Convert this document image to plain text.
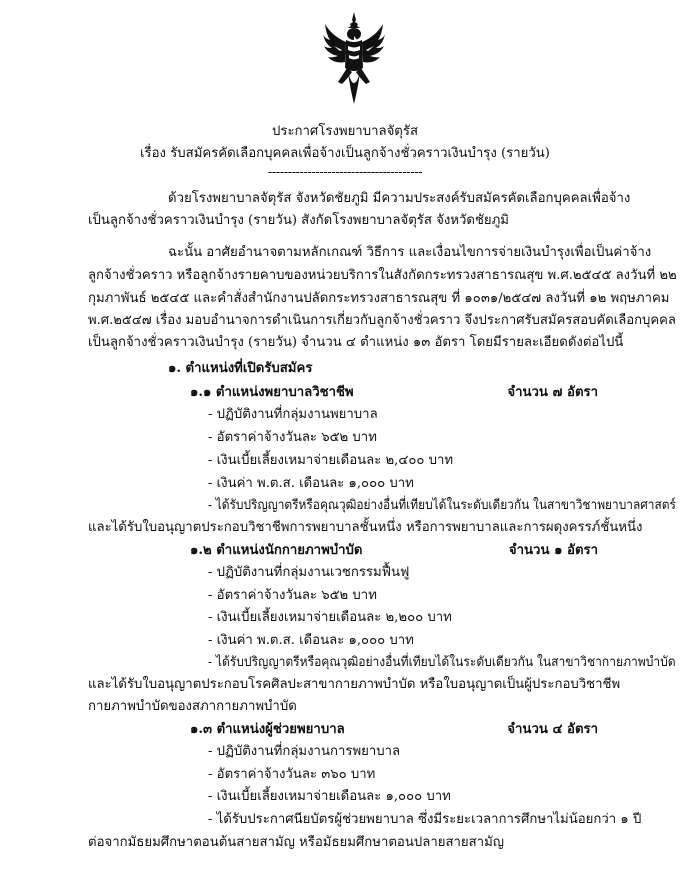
ประกาศโรงพยาบาลจัตุรัส
เรื่อง รับสมัครคัดเลือกบุคคลเพื่อจ้างเป็นลูกจ้างชั่วคราวเงินบำรุง (รายวัน)
---------------------------------------
ด้วยโรงพยาบาลจัตุรัส จังหวัดชัยภูมิ มีความประสงค์รับสมัครคัดเลือกบุคคลเพื่อจ้าง
เป็นลูกจ้างชั่วคราวเงินบำรุง (รายวัน) สังกัดโรงพยาบาลจัตุรัส จังหวัดชัยภูมิ
ฉะนั้น อาศัยอำนาจตามหลักเกณฑ์ วิธีการ และเงื่อนไขการจ่ายเงินบำรุงเพื่อเป็นค่าจ้าง
ลูกจ้างชั่วคราว หรือลูกจ้างรายคาบของหน่วยบริการในสังกัดกระทรวงสาธารณสุข พ.ศ.๒๕๔๕ ลงวันที่ ๒๒
กุมภาพันธ์ ๒๕๔๕ และคำสั่งสำนักงานปลัดกระทรวงสาธารณสุข ที่ ๑๐๓๑/๒๕๔๗ ลงวันที่ ๑๒ พฤษภาคม
พ.ศ.๒๕๔๗ เรื่อง มอบอำนาจการดำเนินการเกี่ยวกับลูกจ้างชั่วคราว จึงประกาศรับสมัครสอบคัดเลือกบุคคล
เป็นลูกจ้างชั่วคราวเงินบำรุง (รายวัน) จำนวน ๔ ตำแหน่ง ๑๓ อัตรา โดยมีรายละเอียดดังต่อไปนี้
๑. ตำแหน่งที่เปิดรับสมัคร
๑.๑ ตำแหน่งพยาบาลวิชาชีพ	จำนวน ๗ อัตรา
- ปฏิบัติงานที่กลุ่มงานพยาบาล
- อัตราค่าจ้างวันละ ๖๕๒ บาท
- เงินเบี้ยเลี้ยงเหมาจ่ายเดือนละ ๒,๔๐๐ บาท
- เงินค่า พ.ต.ส. เดือนละ ๑,๐๐๐ บาท
- ได้รับปริญญาตรีหรือคุณวุฒิอย่างอื่นที่เทียบได้ในระดับเดียวกัน ในสาขาวิชาพยาบาลศาสตร์
และได้รับใบอนุญาตประกอบวิชาชีพการพยาบาลชั้นหนึ่ง หรือการพยาบาลและการผดุงครรภ์ชั้นหนึ่ง
๑.๒ ตำแหน่งนักกายภาพบำบัด	จำนวน ๑ อัตรา
- ปฏิบัติงานที่กลุ่มงานเวชกรรมฟื้นฟู
- อัตราค่าจ้างวันละ ๖๕๒ บาท
- เงินเบี้ยเลี้ยงเหมาจ่ายเดือนละ ๒,๒๐๐ บาท
- เงินค่า พ.ต.ส. เดือนละ ๑,๐๐๐ บาท
- ได้รับปริญญาตรีหรือคุณวุฒิอย่างอื่นที่เทียบได้ในระดับเดียวกัน ในสาขาวิชากายภาพบำบัด
และได้รับใบอนุญาตประกอบโรคศิลปะสาขากายภาพบำบัด หรือใบอนุญาตเป็นผู้ประกอบวิชาชีพ
กายภาพบำบัดของสภากายภาพบำบัด
๑.๓ ตำแหน่งผู้ช่วยพยาบาล	จำนวน ๔ อัตรา
- ปฏิบัติงานที่กลุ่มงานการพยาบาล
- อัตราค่าจ้างวันละ ๓๖๐ บาท
- เงินเบี้ยเลี้ยงเหมาจ่ายเดือนละ ๑,๐๐๐ บาท
- ได้รับประกาศนียบัตรผู้ช่วยพยาบาล ซึ่งมีระยะเวลาการศึกษาไม่น้อยกว่า ๑ ปี
ต่อจากมัธยมศึกษาตอนต้นสายสามัญ หรือมัธยมศึกษาตอนปลายสายสามัญ
